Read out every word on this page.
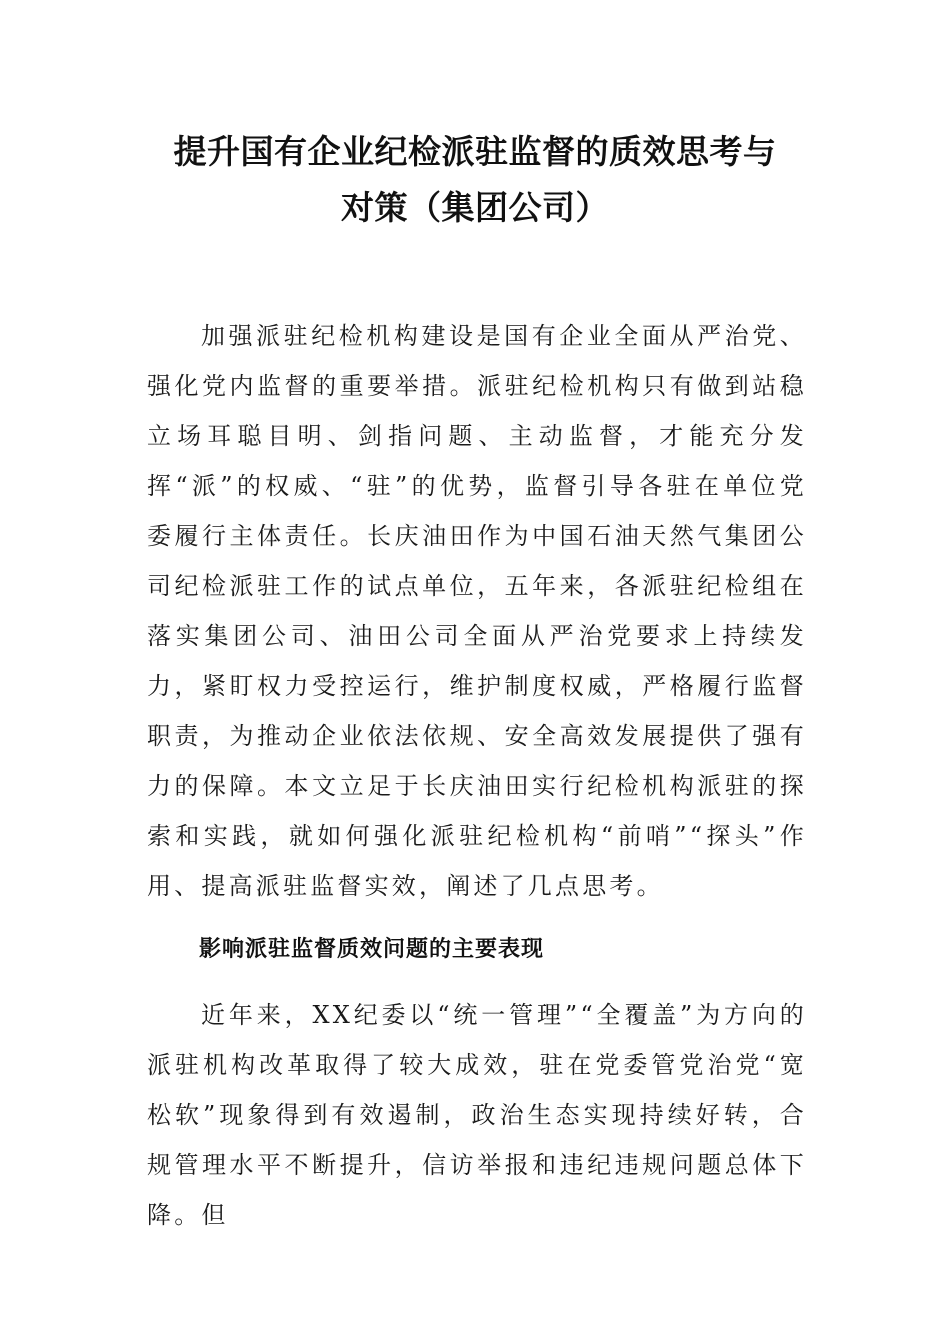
提升国有企业纪检派驻监督的质效思考与
对策（集团公司）

加强派驻纪检机构建设是国有企业全面从严治党、强化党内监督的重要举措。派驻纪检机构只有做到站稳立场耳聪目明、剑指问题、主动监督，才能充分发挥“派”的权威、“驻”的优势，监督引导各驻在单位党委履行主体责任。长庆油田作为中国石油天然气集团公司纪检派驻工作的试点单位，五年来，各派驻纪检组在落实集团公司、油田公司全面从严治党要求上持续发力，紧盯权力受控运行，维护制度权威，严格履行监督职责，为推动企业依法依规、安全高效发展提供了强有力的保障。本文立足于长庆油田实行纪检机构派驻的探索和实践，就如何强化派驻纪检机构“前哨”“探头”作用、提高派驻监督实效，阐述了几点思考。

影响派驻监督质效问题的主要表现

近年来，XX纪委以“统一管理”“全覆盖”为方向的派驻机构改革取得了较大成效，驻在党委管党治党“宽松软”现象得到有效遏制，政治生态实现持续好转，合规管理水平不断提升，信访举报和违纪违规问题总体下降。但
